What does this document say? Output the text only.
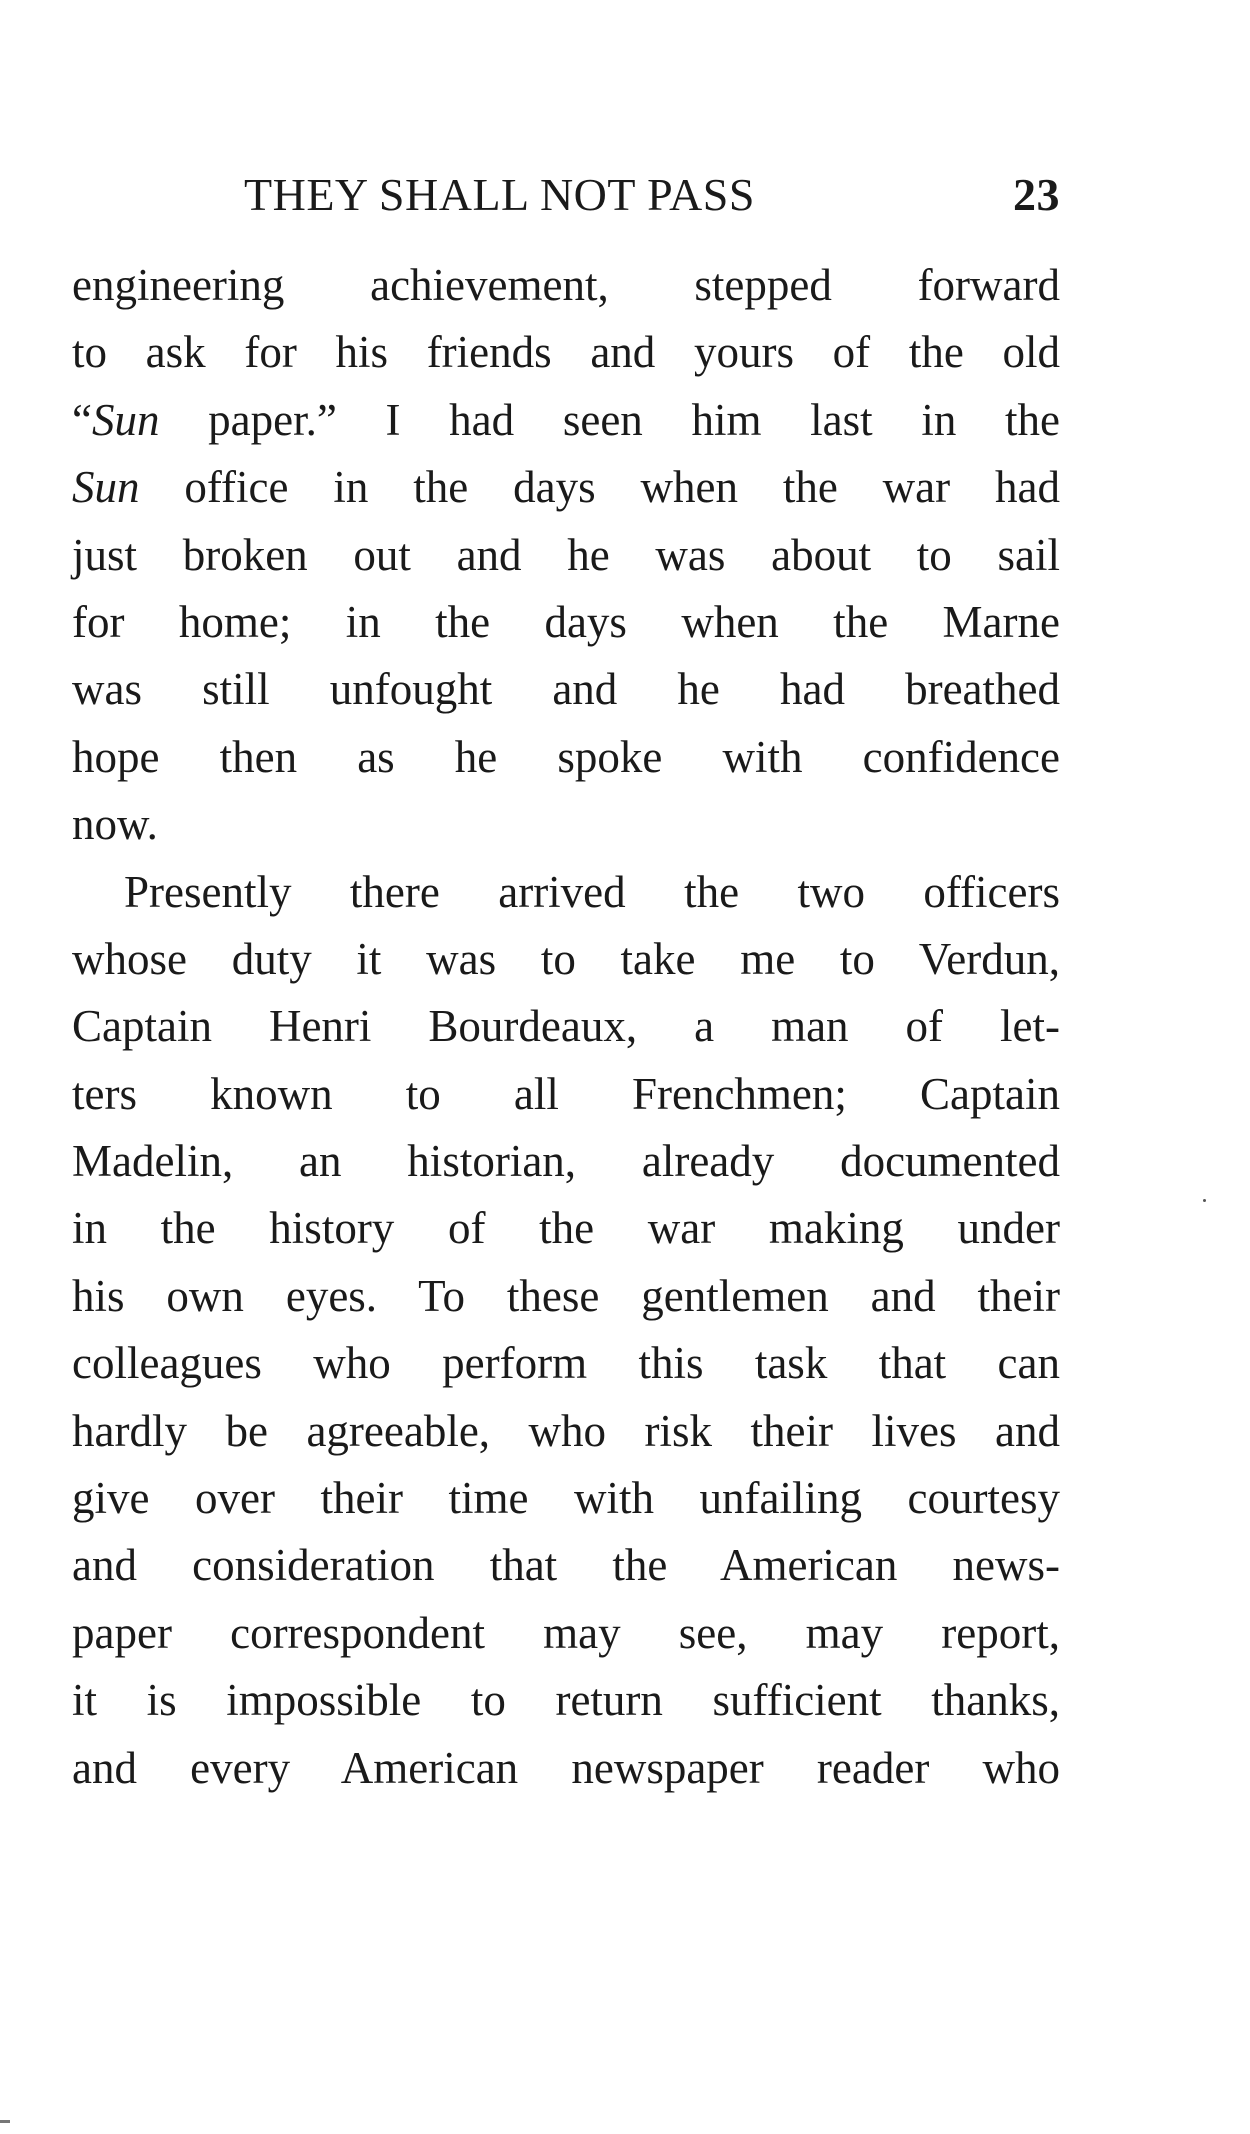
THEY SHALL NOT PASS	23
engineering achievement, stepped forward
to ask for his friends and yours of the old
“Sun paper.” I had seen him last in the
Sun office in the days when the war had
just broken out and he was about to sail
for home; in the days when the Marne
was still unfought and he had breathed
hope then as he spoke with confidence
now.
Presently there arrived the two officers
whose duty it was to take me to Verdun,
Captain Henri Bourdeaux, a man of let-
ters known to all Frenchmen; Captain
Madelin, an historian, already documented
in the history of the war making under
his own eyes. To these gentlemen and their
colleagues who perform this task that can
hardly be agreeable, who risk their lives and
give over their time with unfailing courtesy
and consideration that the American news-
paper correspondent may see, may report,
it is impossible to return sufficient thanks,
and every American newspaper reader who
